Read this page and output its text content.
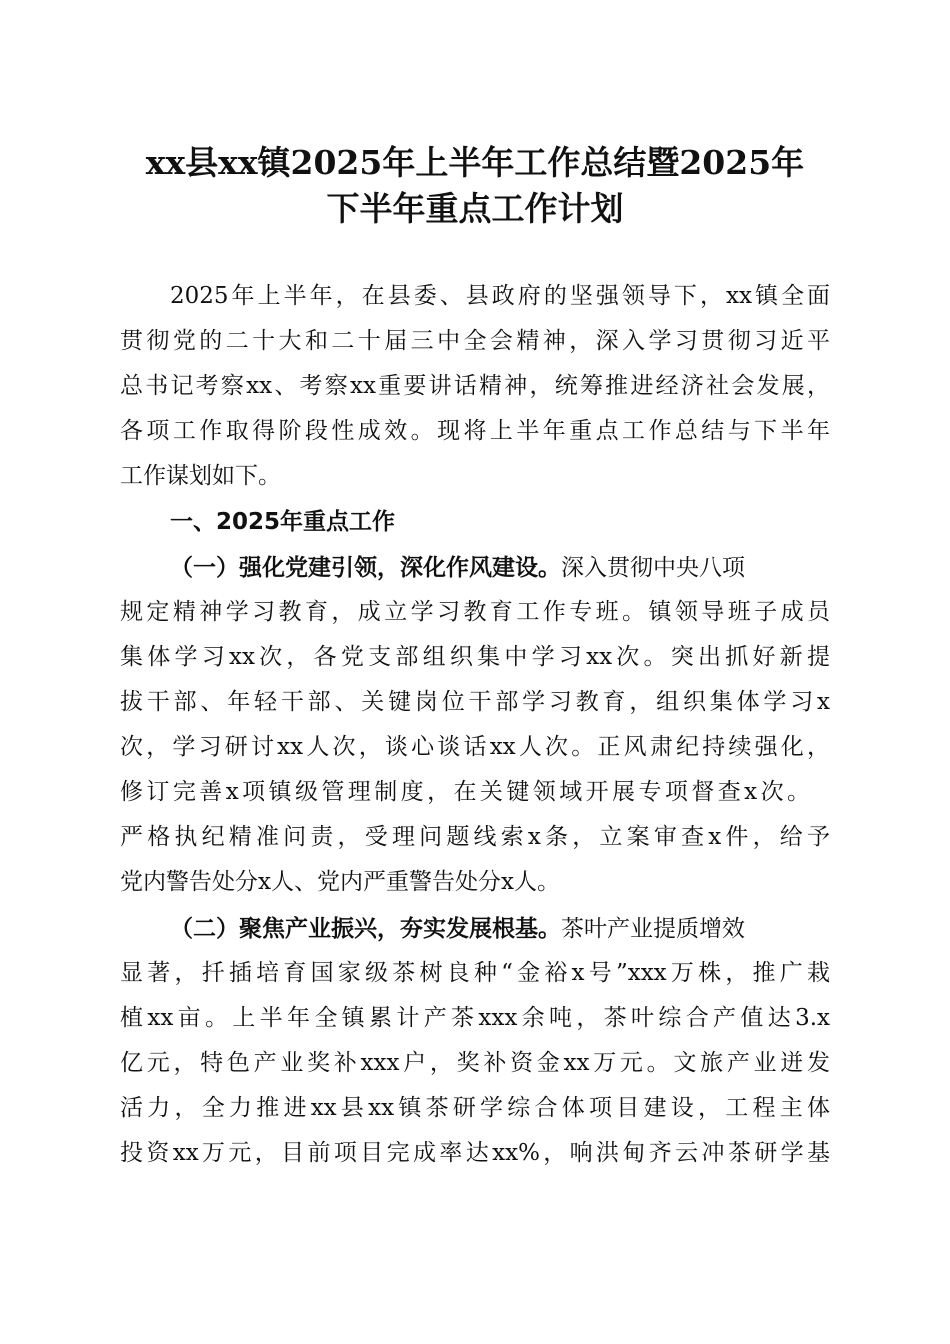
xx县xx镇2025年上半年工作总结暨2025年
下半年重点工作计划
2025年上半年，在县委、县政府的坚强领导下，xx镇全面
贯彻党的二十大和二十届三中全会精神，深入学习贯彻习近平
总书记考察xx、考察xx重要讲话精神，统筹推进经济社会发展，
各项工作取得阶段性成效。现将上半年重点工作总结与下半年
工作谋划如下。
一、2025年重点工作
（一）强化党建引领，深化作风建设。深入贯彻中央八项
规定精神学习教育，成立学习教育工作专班。镇领导班子成员
集体学习xx次，各党支部组织集中学习xx次。突出抓好新提
拔干部、年轻干部、关键岗位干部学习教育，组织集体学习x
次，学习研讨xx人次，谈心谈话xx人次。正风肃纪持续强化，
修订完善x项镇级管理制度，在关键领域开展专项督查x次。
严格执纪精准问责，受理问题线索x条，立案审查x件，给予
党内警告处分x人、党内严重警告处分x人。
（二）聚焦产业振兴，夯实发展根基。茶叶产业提质增效
显著，扦插培育国家级茶树良种“金裕x号”xxx万株，推广栽
植xx亩。上半年全镇累计产茶xxx余吨，茶叶综合产值达3.x
亿元，特色产业奖补xxx户，奖补资金xx万元。文旅产业迸发
活力，全力推进xx县xx镇茶研学综合体项目建设，工程主体
投资xx万元，目前项目完成率达xx%，响洪甸齐云冲茶研学基
